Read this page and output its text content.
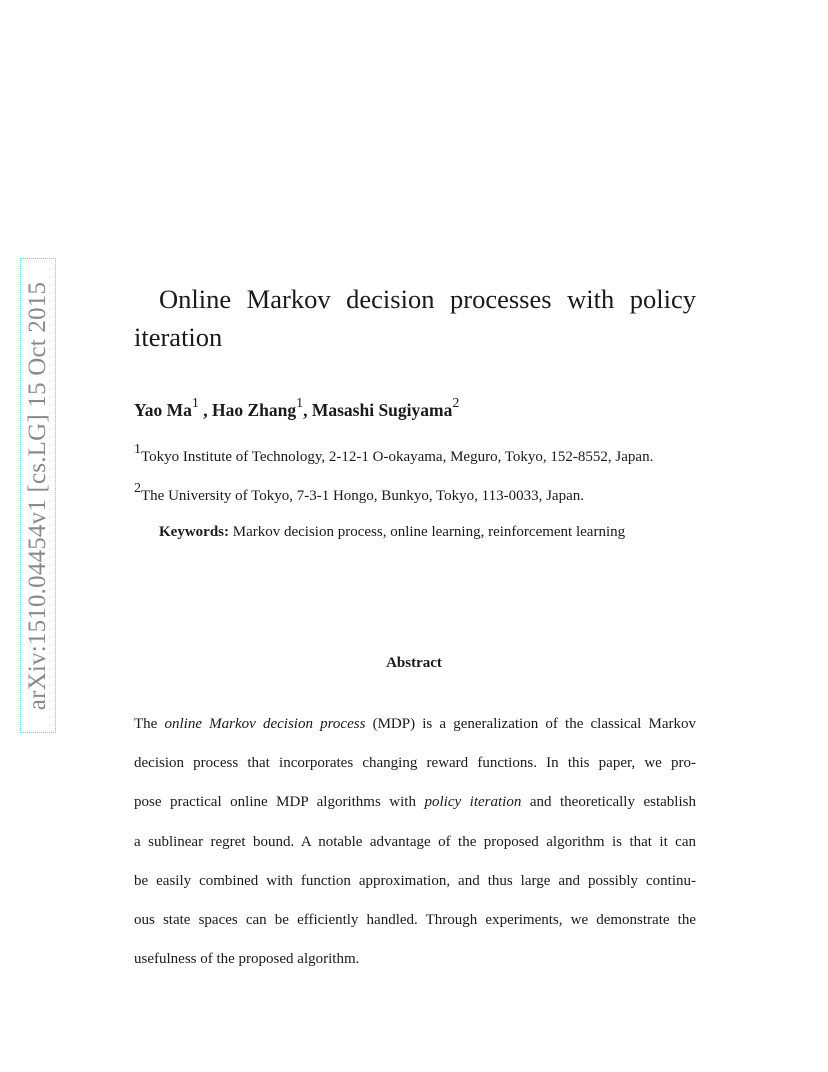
arXiv:1510.04454v1 [cs.LG] 15 Oct 2015	Online Markov decision processes with policy iteration
Yao Ma$^1$ , Hao Zhang$^1$, Masashi Sugiyama$^2$
$^1$Tokyo Institute of Technology, 2-12-1 O-okayama, Meguro, Tokyo, 152-8552, Japan.
$^2$The University of Tokyo, 7-3-1 Hongo, Bunkyo, Tokyo, 113-0033, Japan.
Keywords: Markov decision process, online learning, reinforcement learning
Abstract
The online Markov decision process (MDP) is a generalization of the classical Markov
decision process that incorporates changing reward functions. In this paper, we pro-
pose practical online MDP algorithms with policy iteration and theoretically establish
a sublinear regret bound. A notable advantage of the proposed algorithm is that it can
be easily combined with function approximation, and thus large and possibly continu-
ous state spaces can be efficiently handled. Through experiments, we demonstrate the
usefulness of the proposed algorithm.
